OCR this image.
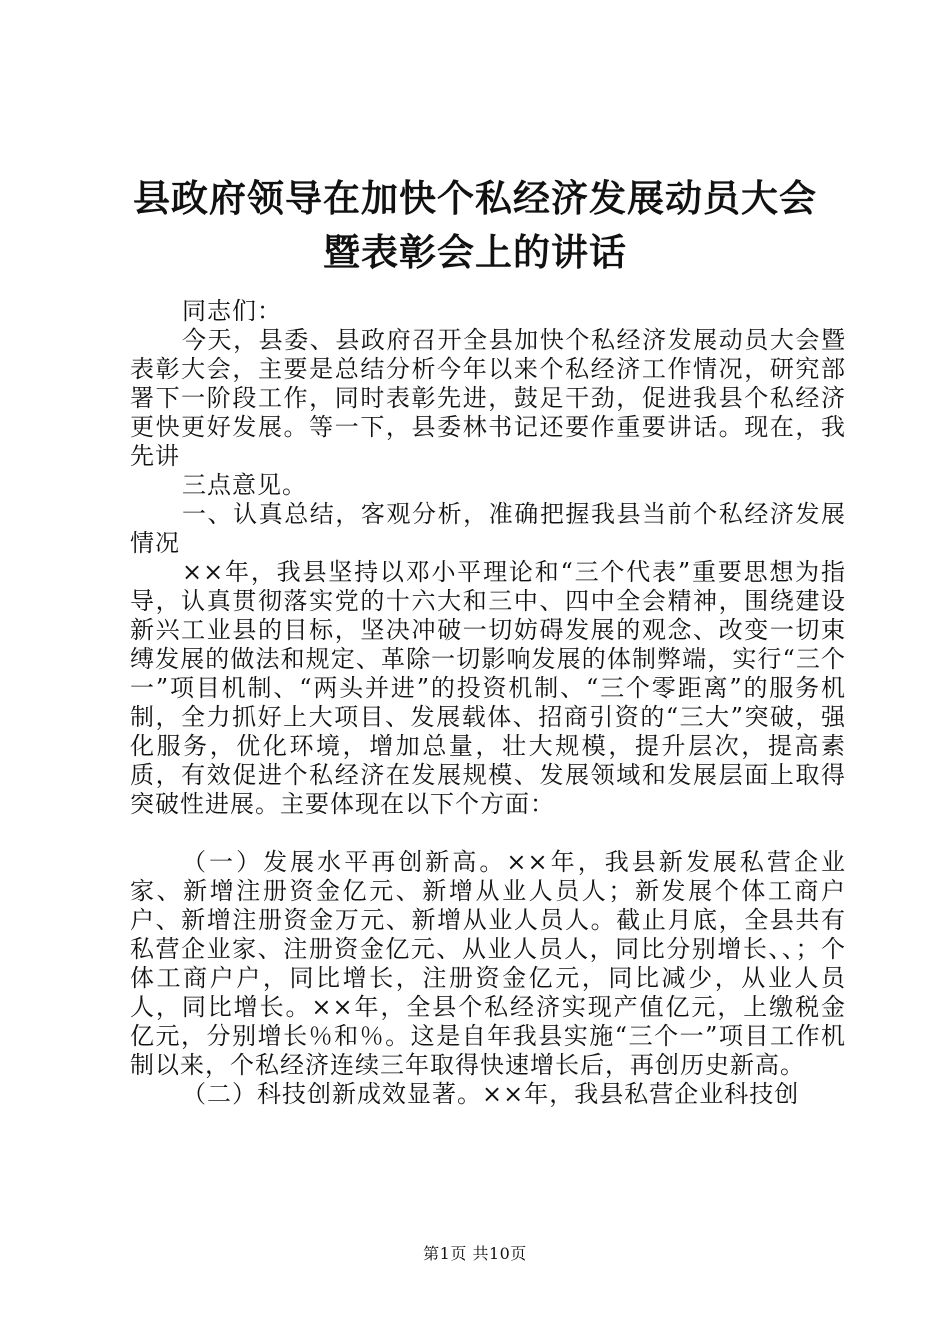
县政府领导在加快个私经济发展动员大会暨表彰会上的讲话

同志们：

今天，县委、县政府召开全县加快个私经济发展动员大会暨表彰大会，主要是总结分析今年以来个私经济工作情况，研究部署下一阶段工作，同时表彰先进，鼓足干劲，促进我县个私经济更快更好发展。等一下，县委林书记还要作重要讲话。现在，我先讲

三点意见。

一、认真总结，客观分析，准确把握我县当前个私经济发展情况

××年，我县坚持以邓小平理论和“三个代表”重要思想为指导，认真贯彻落实党的十六大和三中、四中全会精神，围绕建设新兴工业县的目标，坚决冲破一切妨碍发展的观念、改变一切束缚发展的做法和规定、革除一切影响发展的体制弊端，实行“三个一”项目机制、“两头并进”的投资机制、“三个零距离”的服务机制，全力抓好上大项目、发展载体、招商引资的“三大”突破，强化服务，优化环境，增加总量，壮大规模，提升层次，提高素质，有效促进个私经济在发展规模、发展领域和发展层面上取得突破性进展。主要体现在以下个方面：

（一）发展水平再创新高。××年，我县新发展私营企业家、新增注册资金亿元、新增从业人员人；新发展个体工商户户、新增注册资金万元、新增从业人员人。截止月底，全县共有私营企业家、注册资金亿元、从业人员人，同比分别增长、、；个体工商户户，同比增长，注册资金亿元，同比减少，从业人员人，同比增长。××年，全县个私经济实现产值亿元，上缴税金亿元，分别增长％和％。这是自年我县实施“三个一”项目工作机制以来，个私经济连续三年取得快速增长后，再创历史新高。

（二）科技创新成效显著。××年，我县私营企业科技创

第1页 共10页
